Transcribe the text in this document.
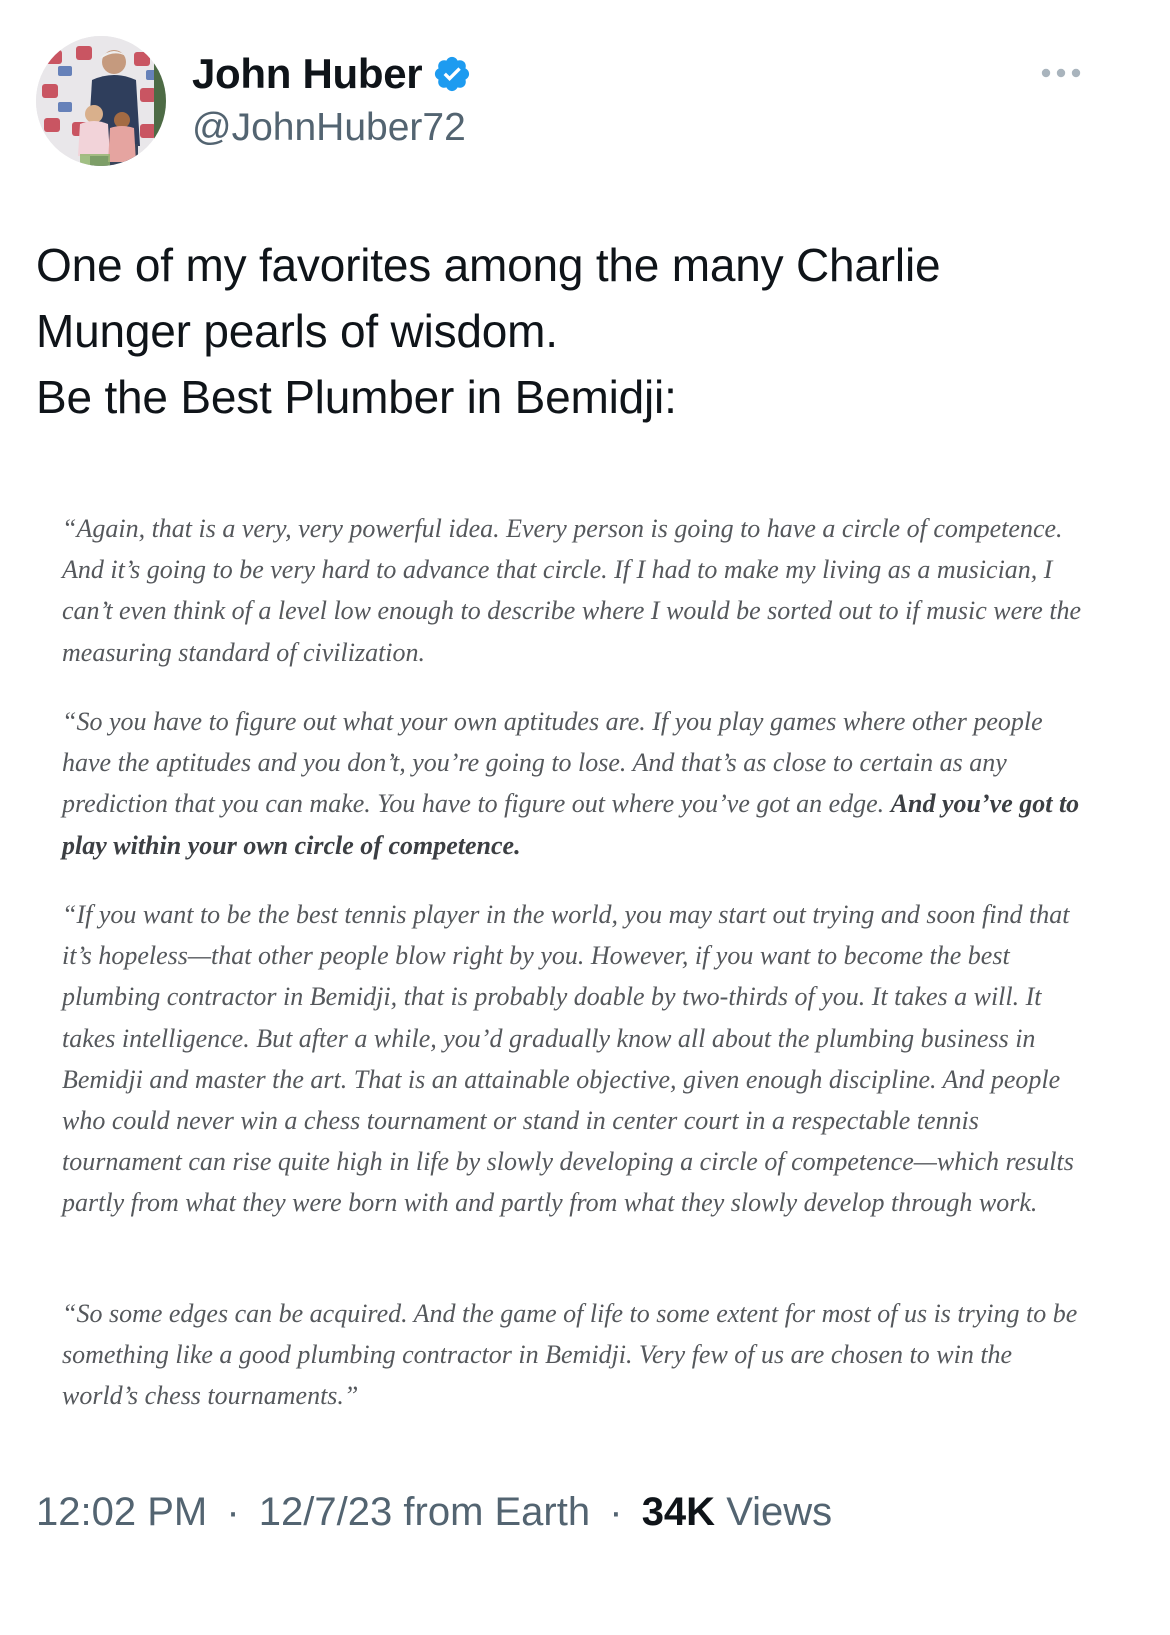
John Huber
@JohnHuber72
One of my favorites among the many Charlie
Munger pearls of wisdom.
Be the Best Plumber in Bemidji:

“Again, that is a very, very powerful idea. Every person is going to have a circle of competence. And it’s going to be very hard to advance that circle. If I had to make my living as a musician, I can’t even think of a level low enough to describe where I would be sorted out to if music were the measuring standard of civilization.

“So you have to figure out what your own aptitudes are. If you play games where other people have the aptitudes and you don’t, you’re going to lose. And that’s as close to certain as any prediction that you can make. You have to figure out where you’ve got an edge. And you’ve got to play within your own circle of competence.

“If you want to be the best tennis player in the world, you may start out trying and soon find that it’s hopeless—that other people blow right by you. However, if you want to become the best plumbing contractor in Bemidji, that is probably doable by two-thirds of you. It takes a will. It takes intelligence. But after a while, you’d gradually know all about the plumbing business in Bemidji and master the art. That is an attainable objective, given enough discipline. And people who could never win a chess tournament or stand in center court in a respectable tennis tournament can rise quite high in life by slowly developing a circle of competence—which results partly from what they were born with and partly from what they slowly develop through work.

“So some edges can be acquired. And the game of life to some extent for most of us is trying to be something like a good plumbing contractor in Bemidji. Very few of us are chosen to win the world’s chess tournaments.”

12:02 PM · 12/7/23 from Earth · 34K Views
